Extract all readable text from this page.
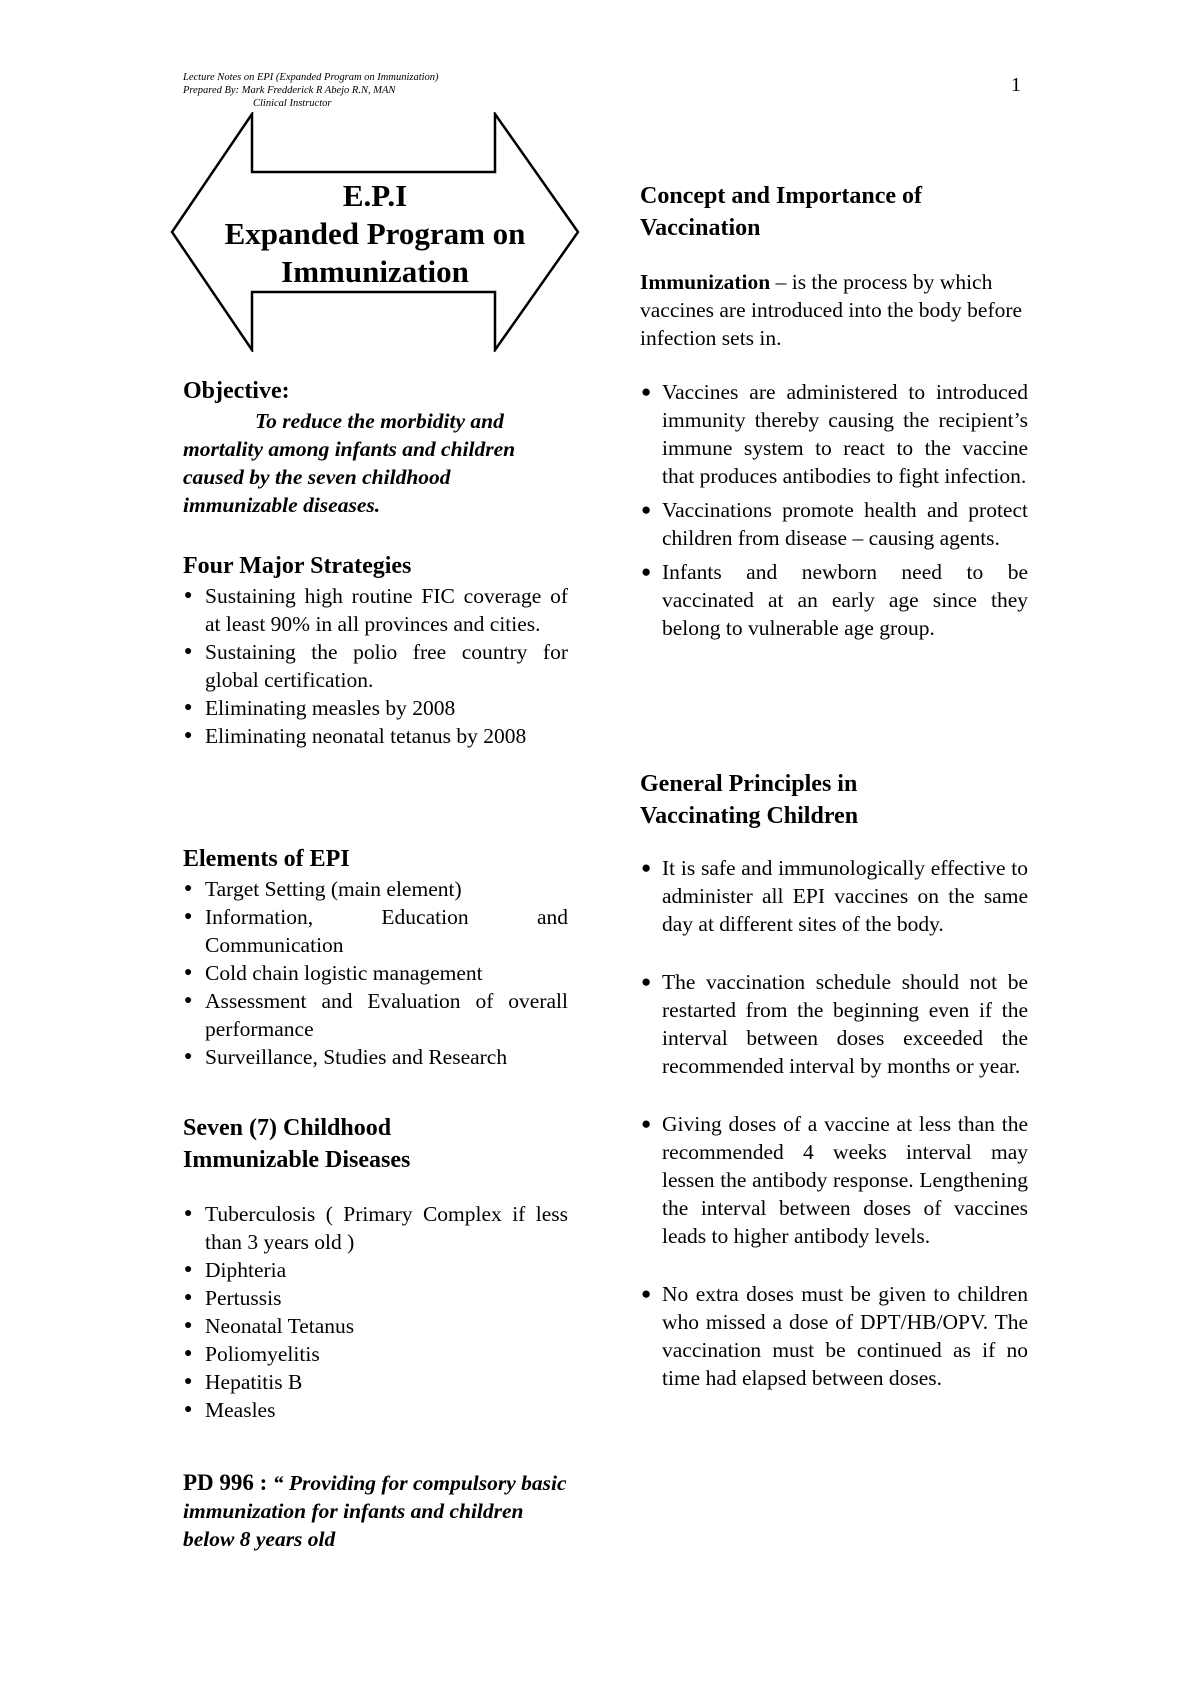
Lecture Notes on EPI (Expanded Program on Immunization)
Prepared By: Mark Fredderick R Abejo R.N, MAN

Clinical Instructor
1
E.P.I
Expanded Program on
Immunization
Objective:
To reduce the morbidity and
mortality among infants and children caused by the seven childhood immunizable diseases.
Four Major Strategies
● Sustaining high routine FIC coverage of at least 90% in all provinces and cities.
● Sustaining the polio free country for global certification.
● Eliminating measles by 2008
● Eliminating neonatal tetanus by 2008
Elements of EPI
● Target Setting (main element)
● Information, Education and Communication
● Cold chain logistic management
● Assessment and Evaluation of overall performance
● Surveillance, Studies and Research
Seven (7) Childhood
Immunizable Diseases
● Tuberculosis ( Primary Complex if less than 3 years old )
● Diphteria
● Pertussis
● Neonatal Tetanus
● Poliomyelitis
● Hepatitis B
● Measles

PD 996 : “ Providing for compulsory basic immunization for infants and children below 8 years old

Concept and Importance of
Vaccination

Immunization – is the process by which vaccines are introduced into the body before infection sets in.

● Vaccines are administered to introduced immunity thereby causing the recipient’s immune system to react to the vaccine that produces antibodies to fight infection.
● Vaccinations promote health and protect children from disease – causing agents.
● Infants and newborn need to be vaccinated at an early age since they belong to vulnerable age group.
General Principles in
Vaccinating Children
● It is safe and immunologically effective to administer all EPI vaccines on the same day at different sites of the body.
● The vaccination schedule should not be restarted from the beginning even if the interval between doses exceeded the recommended interval by months or year.
● Giving doses of a vaccine at less than the recommended 4 weeks interval may lessen the antibody response. Lengthening the interval between doses of vaccines leads to higher antibody levels.
● No extra doses must be given to children who missed a dose of DPT/HB/OPV. The vaccination must be continued as if no time had elapsed between doses.
